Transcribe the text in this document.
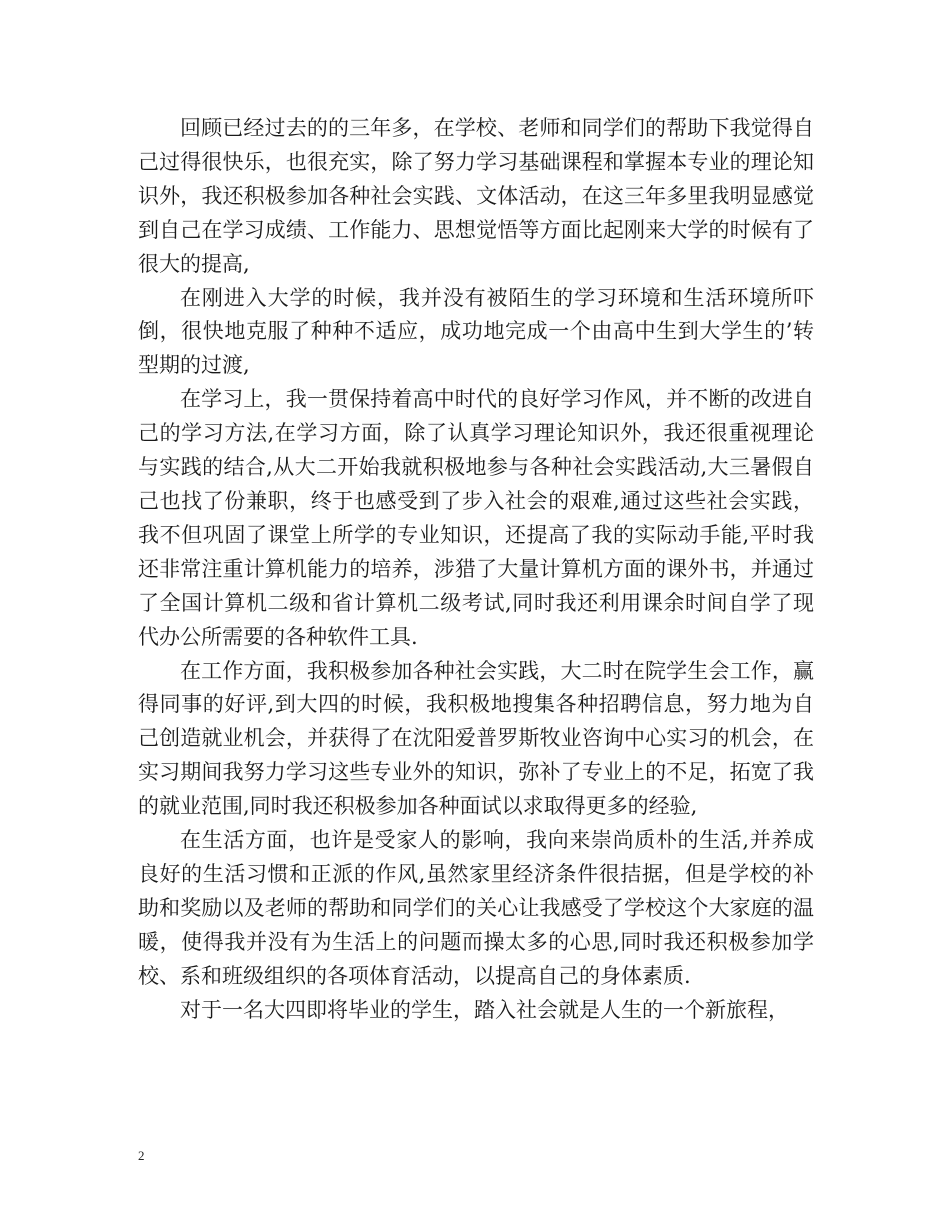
回顾已经过去的的三年多，在学校、老师和同学们的帮助下我觉得自己过得很快乐，也很充实，除了努力学习基础课程和掌握本专业的理论知识外，我还积极参加各种社会实践、文体活动，在这三年多里我明显感觉到自己在学习成绩、工作能力、思想觉悟等方面比起刚来大学的时候有了很大的提高,

在刚进入大学的时候，我并没有被陌生的学习环境和生活环境所吓倒，很快地克服了种种不适应，成功地完成一个由高中生到大学生的’转型期的过渡,

在学习上，我一贯保持着高中时代的良好学习作风，并不断的改进自己的学习方法,在学习方面，除了认真学习理论知识外，我还很重视理论与实践的结合,从大二开始我就积极地参与各种社会实践活动,大三暑假自己也找了份兼职，终于也感受到了步入社会的艰难,通过这些社会实践，我不但巩固了课堂上所学的专业知识，还提高了我的实际动手能,平时我还非常注重计算机能力的培养，涉猎了大量计算机方面的课外书，并通过了全国计算机二级和省计算机二级考试,同时我还利用课余时间自学了现代办公所需要的各种软件工具.

在工作方面，我积极参加各种社会实践，大二时在院学生会工作，赢得同事的好评,到大四的时候，我积极地搜集各种招聘信息，努力地为自己创造就业机会，并获得了在沈阳爱普罗斯牧业咨询中心实习的机会，在实习期间我努力学习这些专业外的知识，弥补了专业上的不足，拓宽了我的就业范围,同时我还积极参加各种面试以求取得更多的经验,

在生活方面，也许是受家人的影响，我向来崇尚质朴的生活,并养成良好的生活习惯和正派的作风,虽然家里经济条件很拮据，但是学校的补助和奖励以及老师的帮助和同学们的关心让我感受了学校这个大家庭的温暖，使得我并没有为生活上的问题而操太多的心思,同时我还积极参加学校、系和班级组织的各项体育活动，以提高自己的身体素质.

对于一名大四即将毕业的学生，踏入社会就是人生的一个新旅程，

2
